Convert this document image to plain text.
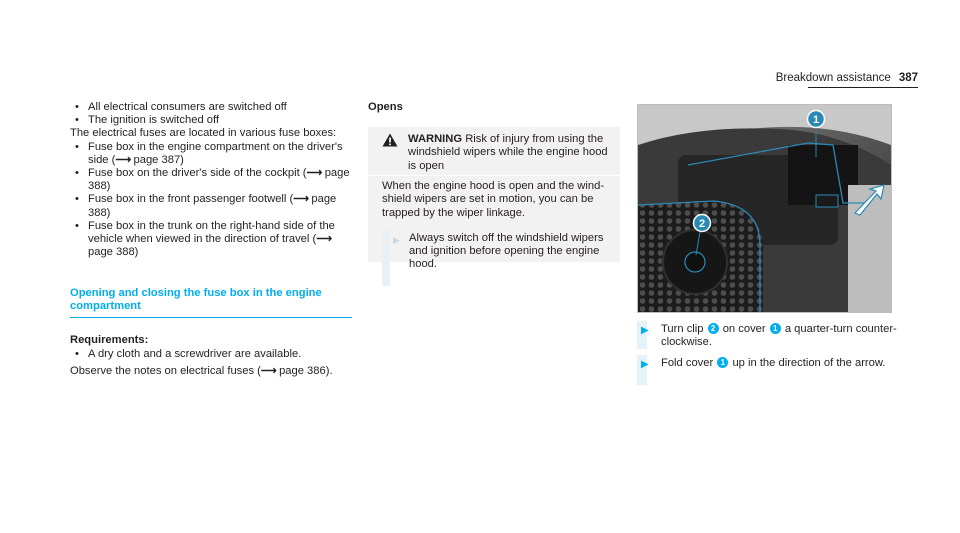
Breakdown assistance 387
• All electrical consumers are switched off
• The ignition is switched off
The electrical fuses are located in various fuse boxes:
• Fuse box in the engine compartment on the driver's side (⟶ page 387)
• Fuse box on the driver's side of the cockpit (⟶ page 388)
• Fuse box in the front passenger footwell (⟶ page 388)
• Fuse box in the trunk on the right-hand side of the vehicle when viewed in the direction of travel (⟶ page 388)
Opening and closing the fuse box in the engine compartment
Requirements:
• A dry cloth and a screwdriver are available.
Observe the notes on electrical fuses (⟶ page 386).
Opens
WARNING Risk of injury from using the windshield wipers while the engine hood is open
When the engine hood is open and the wind-shield wipers are set in motion, you can be trapped by the wiper linkage.
▶ Always switch off the windshield wipers and ignition before opening the engine hood.
1
2
▶ Turn clip 2 on cover 1 a quarter-turn counter-clockwise.
▶ Fold cover 1 up in the direction of the arrow.
